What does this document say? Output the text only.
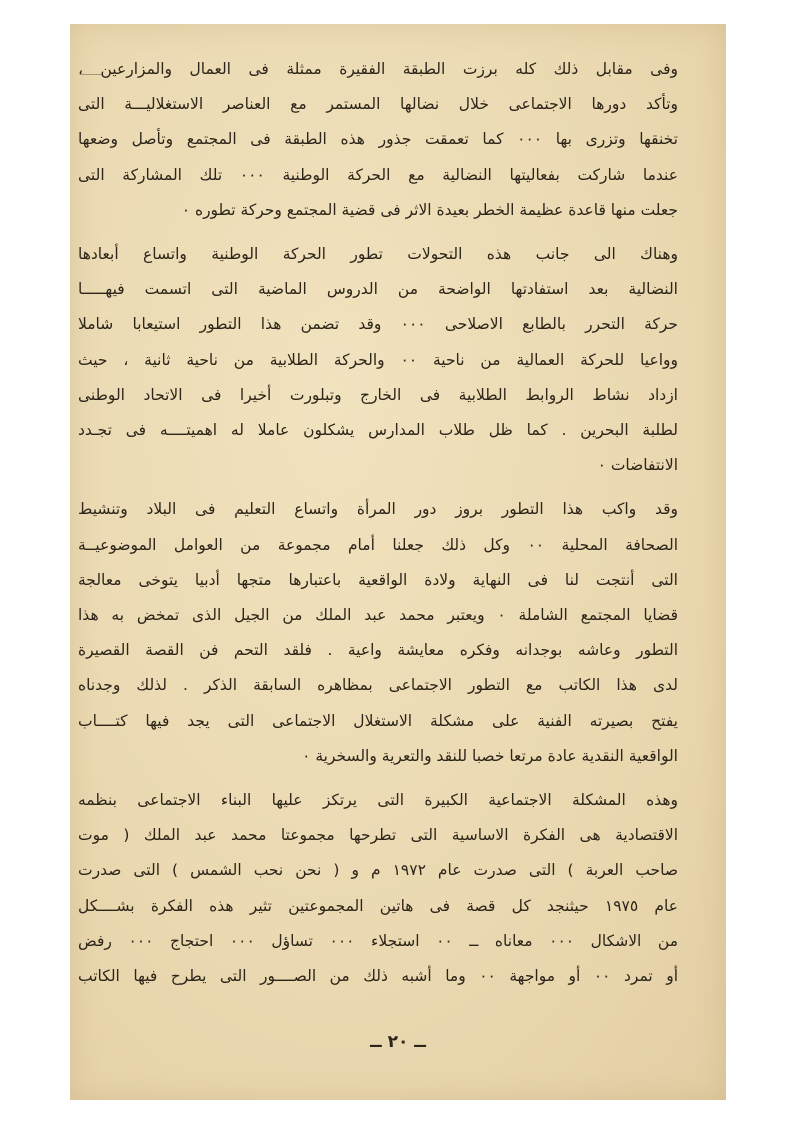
وفى مقابل ذلك كله برزت الطبقة الفقيرة ممثلة فى العمال والمزارعين ،
وتأكد دورها الاجتماعى خلال نضالها المستمر مع العناصر الاستغلاليـــة التى
تخنقها وتزرى بها ٠٠٠ كما تعمقت جذور هذه الطبقة فى المجتمع وتأصل وضعها
عندما شاركت بفعاليتها النضالية مع الحركة الوطنية ٠٠٠ تلك المشاركة التى
جعلت منها قاعدة عظيمة الخطر بعيدة الاثر فى قضية المجتمع وحركة تطوره ٠
وهناك الى جانب هذه التحولات تطور الحركة الوطنية واتساع أبعادها
النضالية بعد استفادتها الواضحة من الدروس الماضية التى اتسمت فيهـــــا
حركة التحرر بالطابع الاصلاحى ٠٠٠ وقد تضمن هذا التطور استيعابا شاملا
وواعيا للحركة العمالية من ناحية ٠٠ والحركة الطلابية من ناحية ثانية ، حيث
ازداد نشاط الروابط الطلابية فى الخارج وتبلورت أخيرا فى الاتحاد الوطنى
لطلبة البحرين . كما ظل طلاب المدارس يشكلون عاملا له اهميتــــه فى تجـدد
الانتفاضات ٠
وقد واكب هذا التطور بروز دور المرأة واتساع التعليم فى البلاد وتنشيط
الصحافة المحلية ٠٠ وكل ذلك جعلنا أمام مجموعة من العوامل الموضوعيــة
التى أنتجت لنا فى النهاية ولادة الواقعية باعتبارها متجها أدبيا يتوخى معالجة
قضايا المجتمع الشاملة ٠ ويعتبر محمد عبد الملك من الجيل الذى تمخض به هذا
التطور وعاشه بوجدانه وفكره معايشة واعية . فلقد التحم فن القصة القصيرة
لدى هذا الكاتب مع التطور الاجتماعى بمظاهره السابقة الذكر . لذلك وجدناه
يفتح بصيرته الفنية على مشكلة الاستغلال الاجتماعى التى يجد فيها كتــــاب
الواقعية النقدية عادة مرتعا خصبا للنقد والتعرية والسخرية ٠
وهذه المشكلة الاجتماعية الكبيرة التى يرتكز عليها البناء الاجتماعى بنظمه
الاقتصادية هى الفكرة الاساسية التى تطرحها مجموعتا محمد عبد الملك ( موت
صاحب العربة ) التى صدرت عام ١٩٧٢ م و ( نحن نحب الشمس ) التى صدرت
عام ١٩٧٥ حيثنجد كل قصة فى هاتين المجموعتين تثير هذه الفكرة بشــــكل
من الاشكال ٠٠٠ معاناه ــ ٠٠ استجلاء ٠٠٠ تساؤل ٠٠٠ احتجاج ٠٠٠ رفض
أو تمرد ٠٠ أو مواجهة ٠٠ وما أشبه ذلك من الصــــور التى يطرح فيها الكاتب
ــ ٢٠ ــ
